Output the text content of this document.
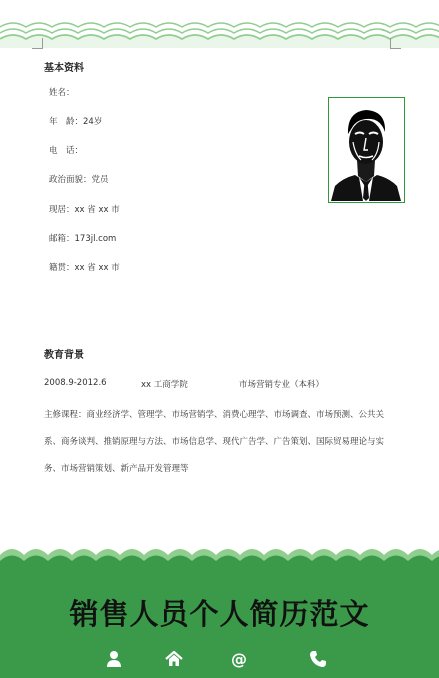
基本资料
姓名：
年　龄：24岁
电　话：
政治面貌：党员
现居：xx 省 xx 市
邮箱：173jl.com
籍贯：xx 省 xx 市
教育背景
2008.9-2012.6	xx 工商学院	市场营销专业（本科）
主修课程：商业经济学、管理学、市场营销学、消费心理学、市场调查、市场预测、公共关系、商务谈判、推销原理与方法、市场信息学、现代广告学、广告策划、国际贸易理论与实务、市场营销策划、新产品开发管理等
销售人员个人简历范文
@
